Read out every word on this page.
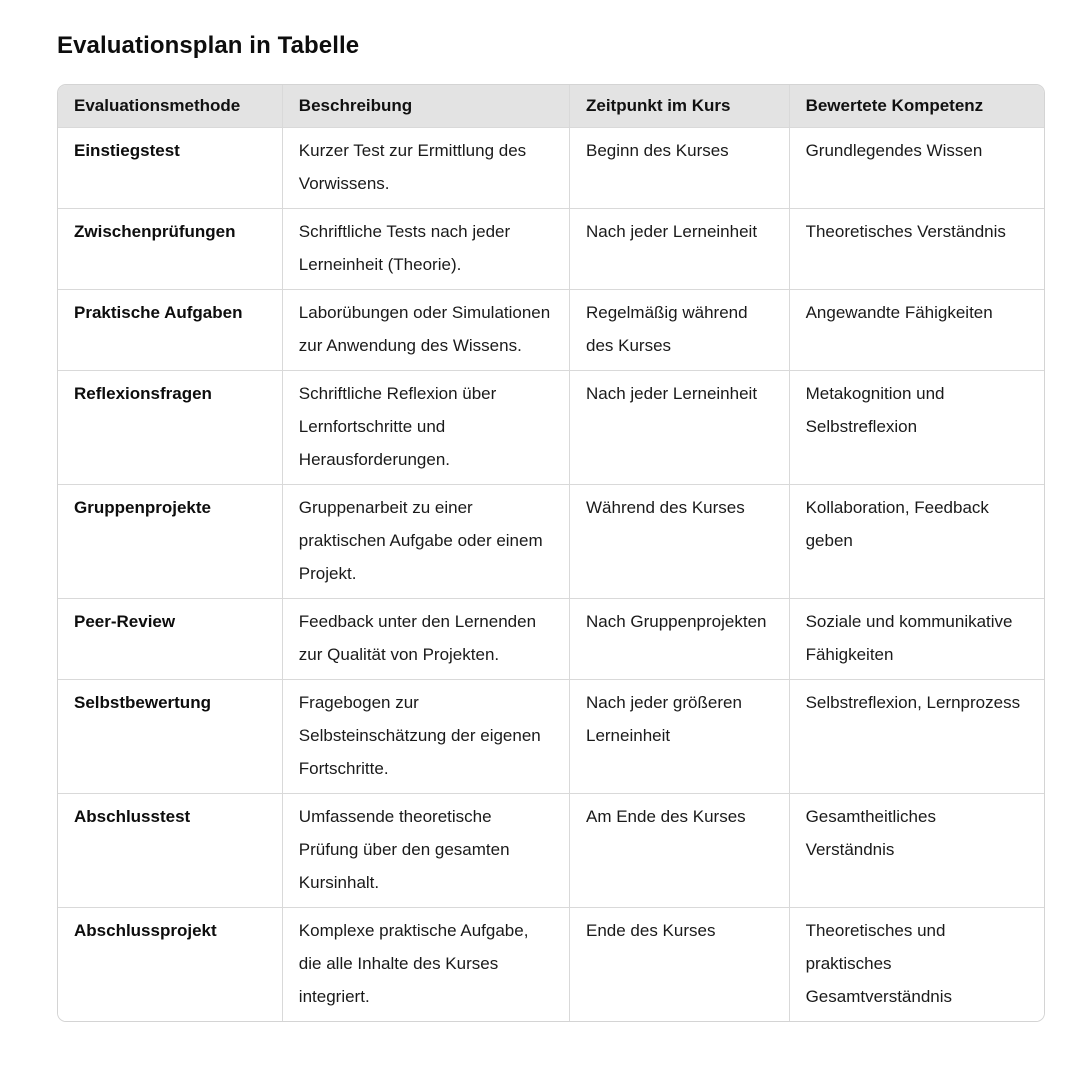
Evaluationsplan in Tabelle
Evaluationsmethode	Beschreibung	Zeitpunkt im Kurs	Bewertete Kompetenz
Einstiegstest	Kurzer Test zur Ermittlung des Vorwissens.	Beginn des Kurses	Grundlegendes Wissen
Zwischenprüfungen	Schriftliche Tests nach jeder Lerneinheit (Theorie).	Nach jeder Lerneinheit	Theoretisches Verständnis
Praktische Aufgaben	Laborübungen oder Simulationen zur Anwendung des Wissens.	Regelmäßig während des Kurses	Angewandte Fähigkeiten
Reflexionsfragen	Schriftliche Reflexion über Lernfortschritte und Herausforderungen.	Nach jeder Lerneinheit	Metakognition und Selbstreflexion
Gruppenprojekte	Gruppenarbeit zu einer praktischen Aufgabe oder einem Projekt.	Während des Kurses	Kollaboration, Feedback geben
Peer-Review	Feedback unter den Lernenden zur Qualität von Projekten.	Nach Gruppenprojekten	Soziale und kommunikative Fähigkeiten
Selbstbewertung	Fragebogen zur Selbsteinschätzung der eigenen Fortschritte.	Nach jeder größeren Lerneinheit	Selbstreflexion, Lernprozess
Abschlusstest	Umfassende theoretische Prüfung über den gesamten Kursinhalt.	Am Ende des Kurses	Gesamtheitliches Verständnis
Abschlussprojekt	Komplexe praktische Aufgabe, die alle Inhalte des Kurses integriert.	Ende des Kurses	Theoretisches und praktisches Gesamtverständnis
